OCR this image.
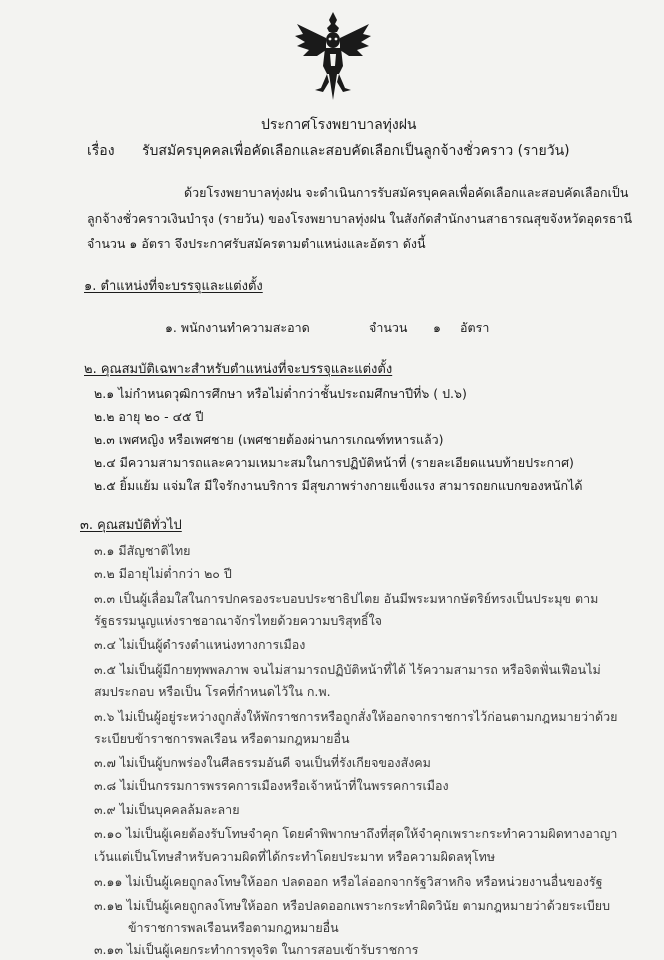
ประกาศโรงพยาบาลทุ่งฝน
เรื่อง รับสมัครบุคคลเพื่อคัดเลือกและสอบคัดเลือกเป็นลูกจ้างชั่วคราว (รายวัน)
ด้วยโรงพยาบาลทุ่งฝน จะดำเนินการรับสมัครบุคคลเพื่อคัดเลือกและสอบคัดเลือกเป็น
ลูกจ้างชั่วคราวเงินบำรุง (รายวัน) ของโรงพยาบาลทุ่งฝน ในสังกัดสำนักงานสาธารณสุขจังหวัดอุดรธานี
จำนวน ๑ อัตรา จึงประกาศรับสมัครตามตำแหน่งและอัตรา ดังนี้
๑. ตำแหน่งที่จะบรรจุและแต่งตั้ง
๑. พนักงานทำความสะอาด	จำนวน ๑ อัตรา
๒. คุณสมบัติเฉพาะสำหรับตำแหน่งที่จะบรรจุและแต่งตั้ง
๒.๑ ไม่กำหนดวุฒิการศึกษา หรือไม่ต่ำกว่าชั้นประถมศึกษาปีที่๖ ( ป.๖)
๒.๒ อายุ ๒๐ - ๔๕ ปี
๒.๓ เพศหญิง หรือเพศชาย (เพศชายต้องผ่านการเกณฑ์ทหารแล้ว)
๒.๔ มีความสามารถและความเหมาะสมในการปฏิบัติหน้าที่ (รายละเอียดแนบท้ายประกาศ)
๒.๕ ยิ้มแย้ม แจ่มใส มีใจรักงานบริการ มีสุขภาพร่างกายแข็งแรง สามารถยกแบกของหนักได้
๓. คุณสมบัติทั่วไป
๓.๑ มีสัญชาติไทย
๓.๒ มีอายุไม่ต่ำกว่า ๒๐ ปี
๓.๓ เป็นผู้เลื่อมใสในการปกครองระบอบประชาธิปไตย อันมีพระมหากษัตริย์ทรงเป็นประมุข ตาม
รัฐธรรมนูญแห่งราชอาณาจักรไทยด้วยความบริสุทธิ์ใจ
๓.๔ ไม่เป็นผู้ดำรงตำแหน่งทางการเมือง
๓.๕ ไม่เป็นผู้มีกายทุพพลภาพ จนไม่สามารถปฏิบัติหน้าที่ได้ ไร้ความสามารถ หรือจิตฟั่นเฟือนไม่
สมประกอบ หรือเป็น โรคที่กำหนดไว้ใน ก.พ.
๓.๖ ไม่เป็นผู้อยู่ระหว่างถูกสั่งให้พักราชการหรือถูกสั่งให้ออกจากราชการไว้ก่อนตามกฎหมายว่าด้วย
ระเบียบข้าราชการพลเรือน หรือตามกฎหมายอื่น
๓.๗ ไม่เป็นผู้บกพร่องในศีลธรรมอันดี จนเป็นที่รังเกียจของสังคม
๓.๘ ไม่เป็นกรรมการพรรคการเมืองหรือเจ้าหน้าที่ในพรรคการเมือง
๓.๙ ไม่เป็นบุคคลล้มละลาย
๓.๑๐ ไม่เป็นผู้เคยต้องรับโทษจำคุก โดยคำพิพากษาถึงที่สุดให้จำคุกเพราะกระทำความผิดทางอาญา
เว้นแต่เป็นโทษสำหรับความผิดที่ได้กระทำโดยประมาท หรือความผิดลหุโทษ
๓.๑๑ ไม่เป็นผู้เคยถูกลงโทษให้ออก ปลดออก หรือไล่ออกจากรัฐวิสาหกิจ หรือหน่วยงานอื่นของรัฐ
๓.๑๒ ไม่เป็นผู้เคยถูกลงโทษให้ออก หรือปลดออกเพราะกระทำผิดวินัย ตามกฎหมายว่าด้วยระเบียบ
ข้าราชการพลเรือนหรือตามกฎหมายอื่น
๓.๑๓ ไม่เป็นผู้เคยกระทำการทุจริต ในการสอบเข้ารับราชการ
